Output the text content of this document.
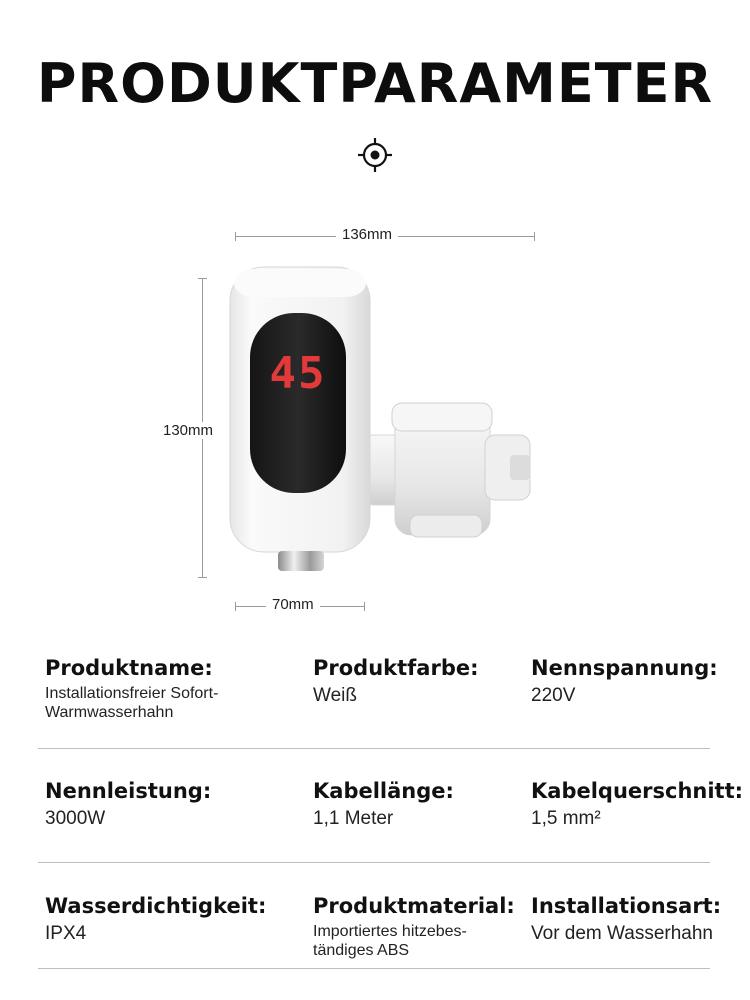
PRODUKTPARAMETER
136mm
130mm
70mm
45
Produktname:
Installationsfreier Sofort-
Warmwasserhahn
Produktfarbe:
Weiß
Nennspannung:
220V
Nennleistung:
3000W
Kabellänge:
1,1 Meter
Kabelquerschnitt:
1,5 mm²
Wasserdichtigkeit:
IPX4
Produktmaterial:
Importiertes hitzebes-
tändiges ABS
Installationsart:
Vor dem Wasserhahn
